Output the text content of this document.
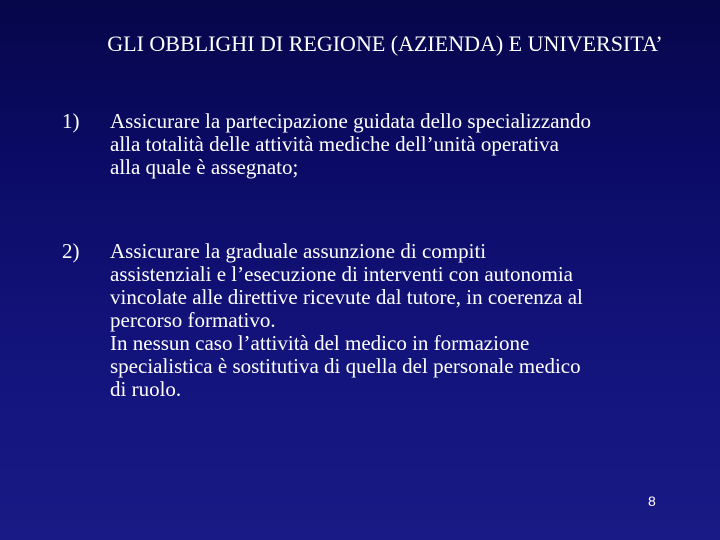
GLI OBBLIGHI DI REGIONE (AZIENDA) E UNIVERSITA’
1) Assicurare la partecipazione guidata dello specializzando
alla totalità delle attività mediche dell’unità operativa
alla quale è assegnato;
2) Assicurare la graduale assunzione di compiti
assistenziali e l’esecuzione di interventi con autonomia
vincolate alle direttive ricevute dal tutore, in coerenza al
percorso formativo.
In nessun caso l’attività del medico in formazione
specialistica è sostitutiva di quella del personale medico
di ruolo.
8
